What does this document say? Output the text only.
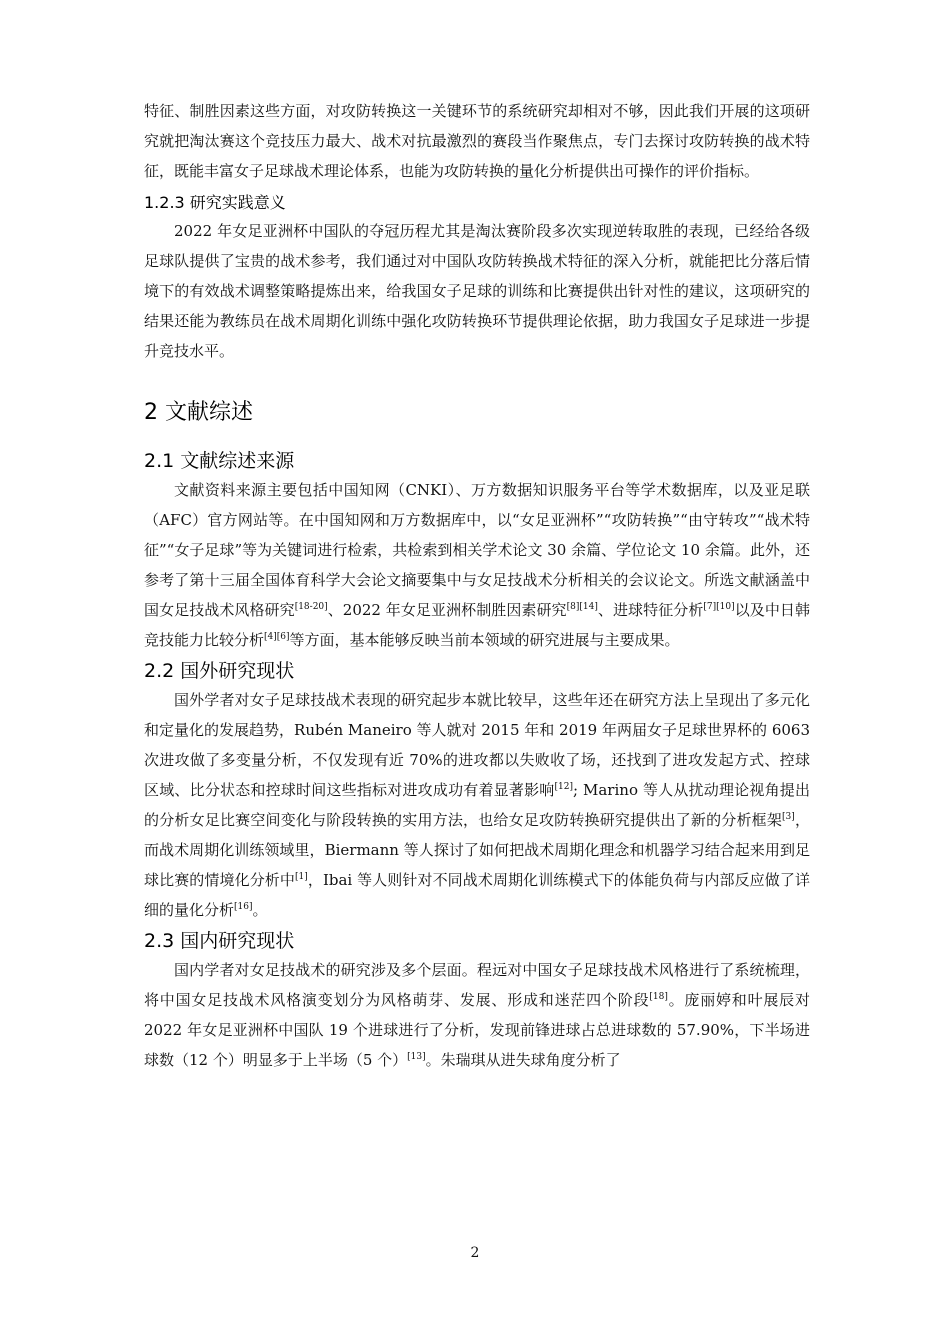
特征、制胜因素这些方面，对攻防转换这一关键环节的系统研究却相对不够，因此我们开展的这项研究就把淘汰赛这个竞技压力最大、战术对抗最激烈的赛段当作聚焦点，专门去探讨攻防转换的战术特征，既能丰富女子足球战术理论体系，也能为攻防转换的量化分析提供出可操作的评价指标。

1.2.3 研究实践意义

2022 年女足亚洲杯中国队的夺冠历程尤其是淘汰赛阶段多次实现逆转取胜的表现，已经给各级足球队提供了宝贵的战术参考，我们通过对中国队攻防转换战术特征的深入分析，就能把比分落后情境下的有效战术调整策略提炼出来，给我国女子足球的训练和比赛提供出针对性的建议，这项研究的结果还能为教练员在战术周期化训练中强化攻防转换环节提供理论依据，助力我国女子足球进一步提升竞技水平。

2 文献综述
2.1 文献综述来源

文献资料来源主要包括中国知网（CNKI）、万方数据知识服务平台等学术数据库，以及亚足联（AFC）官方网站等。在中国知网和万方数据库中，以“女足亚洲杯”“攻防转换”“由守转攻”“战术特征”“女子足球”等为关键词进行检索，共检索到相关学术论文 30 余篇、学位论文 10 余篇。此外，还参考了第十三届全国体育科学大会论文摘要集中与女足技战术分析相关的会议论文。所选文献涵盖中国女足技战术风格研究[18-20]、2022 年女足亚洲杯制胜因素研究[8][14]、进球特征分析[7][10]以及中日韩竞技能力比较分析[4][6]等方面，基本能够反映当前本领域的研究进展与主要成果。

2.2 国外研究现状

国外学者对女子足球技战术表现的研究起步本就比较早，这些年还在研究方法上呈现出了多元化和定量化的发展趋势，Rubén Maneiro 等人就对 2015 年和 2019 年两届女子足球世界杯的 6063 次进攻做了多变量分析，不仅发现有近 70%的进攻都以失败收了场，还找到了进攻发起方式、控球区域、比分状态和控球时间这些指标对进攻成功有着显著影响[12]; Marino 等人从扰动理论视角提出的分析女足比赛空间变化与阶段转换的实用方法，也给女足攻防转换研究提供出了新的分析框架[3]，而战术周期化训练领域里，Biermann 等人探讨了如何把战术周期化理念和机器学习结合起来用到足球比赛的情境化分析中[1]，Ibai 等人则针对不同战术周期化训练模式下的体能负荷与内部反应做了详细的量化分析[16]。

2.3 国内研究现状

国内学者对女足技战术的研究涉及多个层面。程远对中国女子足球技战术风格进行了系统梳理，将中国女足技战术风格演变划分为风格萌芽、发展、形成和迷茫四个阶段[18]。庞丽婷和叶展辰对 2022 年女足亚洲杯中国队 19 个进球进行了分析，发现前锋进球占总进球数的 57.90%，下半场进球数（12 个）明显多于上半场（5 个）[13]。朱瑞琪从进失球角度分析了

2
